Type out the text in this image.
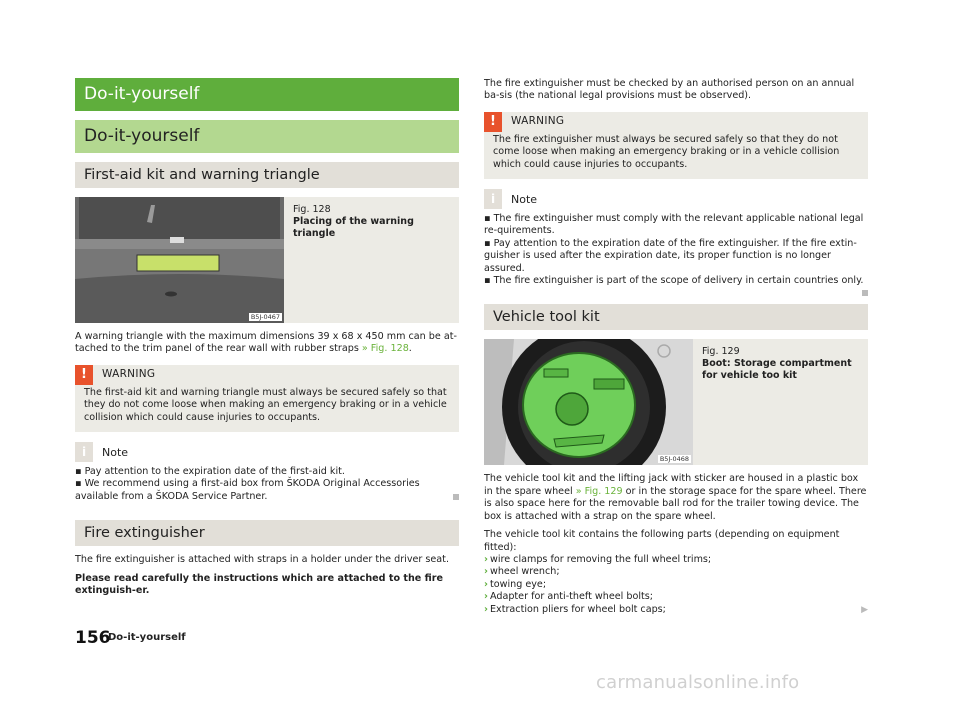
Do-it-yourself
Do-it-yourself
First-aid kit and warning triangle
B5J-0467
Fig. 128
Placing of the warning triangle

A warning triangle with the maximum dimensions 39 x 68 x 450 mm can be at-tached to the trim panel of the rear wall with rubber straps » Fig. 128.

!	WARNING
The first-aid kit and warning triangle must always be secured safely so that they do not come loose when making an emergency braking or in a vehicle collision which could cause injuries to occupants.
i	Note
▪ Pay attention to the expiration date of the first-aid kit.
▪ We recommend using a first-aid box from ŠKODA Original Accessories available from a ŠKODA Service Partner.
Fire extinguisher

The fire extinguisher is attached with straps in a holder under the driver seat.

Please read carefully the instructions which are attached to the fire extinguish-er.

The fire extinguisher must be checked by an authorised person on an annual ba-sis (the national legal provisions must be observed).

!	WARNING
The fire extinguisher must always be secured safely so that they do not come loose when making an emergency braking or in a vehicle collision which could cause injuries to occupants.
i	Note
▪ The fire extinguisher must comply with the relevant applicable national legal re-quirements.
▪ Pay attention to the expiration date of the fire extinguisher. If the fire extin-guisher is used after the expiration date, its proper function is no longer assured.
▪ The fire extinguisher is part of the scope of delivery in certain countries only.
Vehicle tool kit
B5J-0468
Fig. 129
Boot: Storage compartment for vehicle too kit

The vehicle tool kit and the lifting jack with sticker are housed in a plastic box in the spare wheel » Fig. 129 or in the storage space for the spare wheel. There is also space here for the removable ball rod for the trailer towing device. The box is attached with a strap on the spare wheel.

The vehicle tool kit contains the following parts (depending on equipment fitted):

› wire clamps for removing the full wheel trims;
› wheel wrench;
› towing eye;
› Adapter for anti-theft wheel bolts;
› Extraction pliers for wheel bolt caps;	▶
156
Do-it-yourself
carmanualsonline.info
